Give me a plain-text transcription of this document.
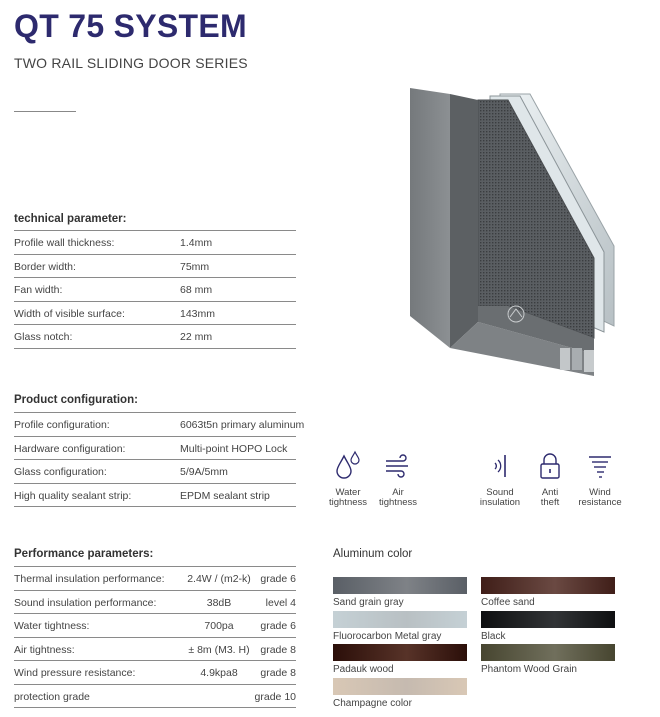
QT 75 SYSTEM
TWO RAIL SLIDING DOOR SERIES
technical parameter:
Profile wall thickness:	1.4mm
Border width:	75mm
Fan width:	68 mm
Width of visible surface:	143mm
Glass notch:	22 mm
Product configuration:
Profile configuration:	6063t5n primary aluminum
Hardware configuration:	Multi-point HOPO Lock
Glass configuration:	5/9A/5mm
High quality sealant strip:	EPDM sealant strip
Performance parameters:
Thermal insulation performance: 2.4W / (m2-k) grade 6
Sound insulation performance:	38dB	level 4
Water tightness:	700pa	grade 6
Air tightness:	± 8m (M3. H)	grade 8
Wind pressure resistance:	4.9kpa8	grade 8
protection grade	grade 10
Water
tightness
Air
tightness
Sound
insulation
Anti
theft
Wind
resistance
Aluminum color
Sand grain gray	Coffee sand
Fluorocarbon Metal gray	Black
Padauk wood	Phantom Wood Grain
Champagne color
